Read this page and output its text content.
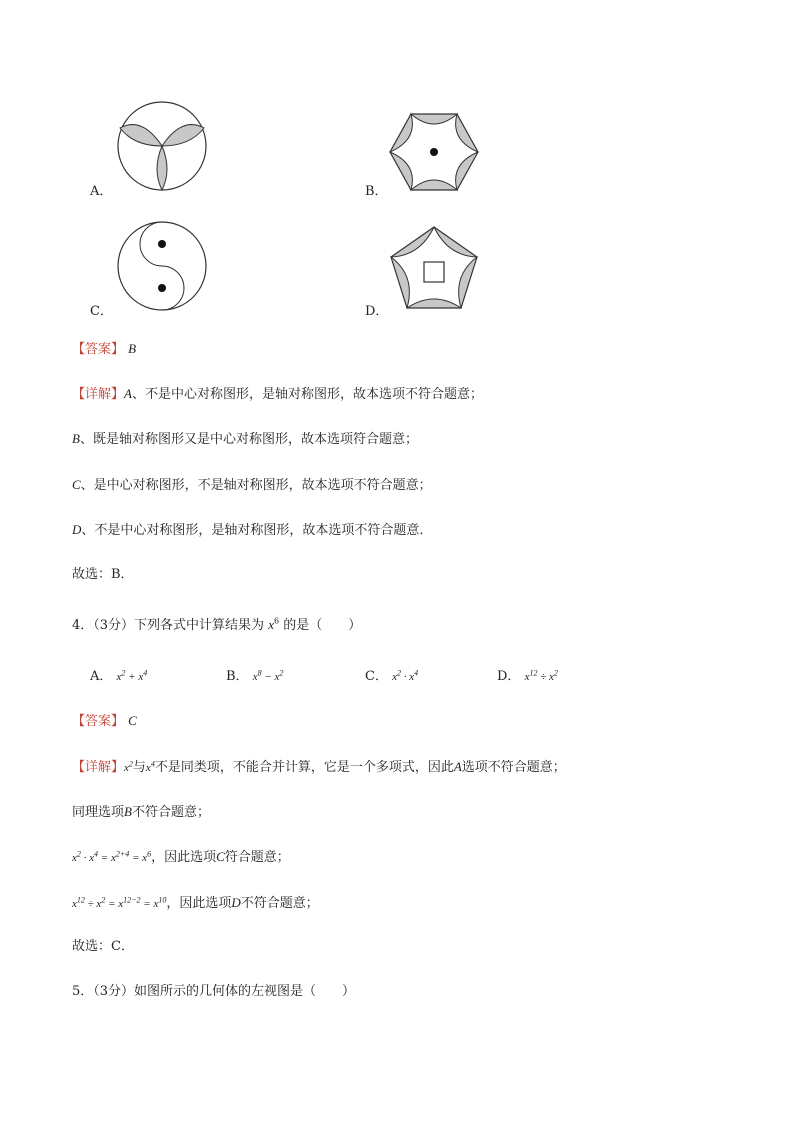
A．	B．
C．	D．
【答案】 B
【详解】A、不是中心对称图形，是轴对称图形，故本选项不符合题意；
B、既是轴对称图形又是中心对称图形，故本选项符合题意；
C、是中心对称图形，不是轴对称图形，故本选项不符合题意；
D、不是中心对称图形，是轴对称图形，故本选项不符合题意．
故选：B．
4．（3分）下列各式中计算结果为 $x^6$ 的是（　　）
A． $x^2 + x^4$	B． $x^8 - x^2$	C． $x^2 \cdot x^4$	D． $x^{12} \div x^2$
【答案】 C
【详解】$x^2$与$x^4$不是同类项，不能合并计算，它是一个多项式，因此A选项不符合题意；
同理选项B不符合题意；
$x^2 \cdot x^4 = x^{2+4} = x^6$，因此选项C符合题意；
$x^{12} \div x^2 = x^{12-2} = x^{10}$，因此选项D不符合题意；
故选：C．
5．（3分）如图所示的几何体的左视图是（　　）
